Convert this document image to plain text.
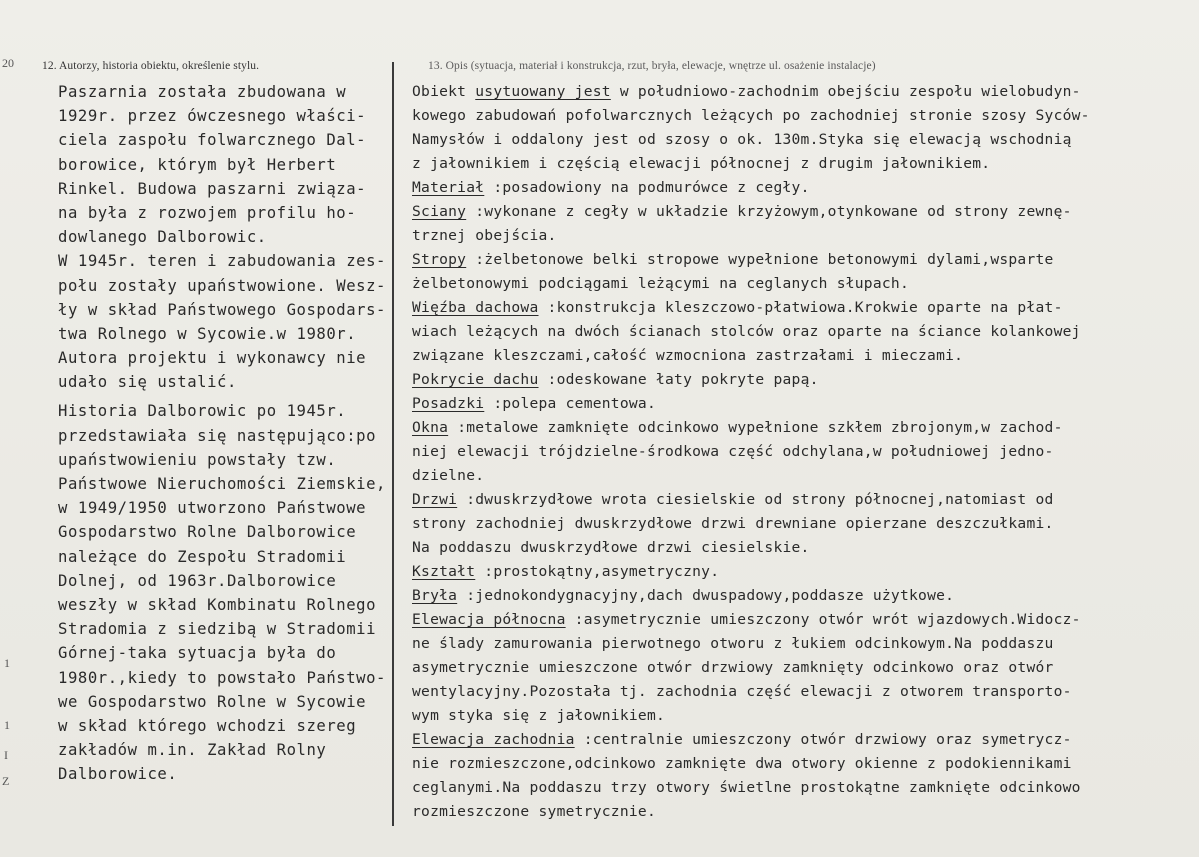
20
1
1
I
Z
12. Autorzy, historia obiektu, określenie stylu.	13. Opis (sytuacja, materiał i konstrukcja, rzut, bryła, elewacje, wnętrze ul. osażenie instalacje)
Paszarnia została zbudowana w
1929r. przez ówczesnego właści-
ciela zaspołu folwarcznego Dal-
borowice, którym był Herbert
Rinkel. Budowa paszarni związa-
na była z rozwojem profilu ho-
dowlanego Dalborowic.
W 1945r. teren i zabudowania zes-
połu zostały upaństwowione. Wesz-
ły w skład Państwowego Gospodars-
twa Rolnego w Sycowie.w 1980r.
Autora projektu i wykonawcy nie
udało się ustalić.
Historia Dalborowic po 1945r.
przedstawiała się następująco:po
upaństwowieniu powstały tzw.
Państwowe Nieruchomości Ziemskie,
w 1949/1950 utworzono Państwowe
Gospodarstwo Rolne Dalborowice
należące do Zespołu Stradomii
Dolnej, od 1963r.Dalborowice
weszły w skład Kombinatu Rolnego
Stradomia z siedzibą w Stradomii
Górnej-taka sytuacja była do
1980r.,kiedy to powstało Państwo-
we Gospodarstwo Rolne w Sycowie
w skład którego wchodzi szereg
zakładów m.in. Zakład Rolny
Dalborowice.
Obiekt usytuowany jest w południowo-zachodnim obejściu zespołu wielobudyn-
kowego zabudowań pofolwarcznych leżących po zachodniej stronie szosy Syców-
Namysłów i oddalony jest od szosy o ok. 130m.Styka się elewacją wschodnią
z jałownikiem i częścią elewacji północnej z drugim jałownikiem.
Materiał :posadowiony na podmurówce z cegły.
Sciany :wykonane z cegły w układzie krzyżowym,otynkowane od strony zewnę-
trznej obejścia.
Stropy :żelbetonowe belki stropowe wypełnione betonowymi dylami,wsparte
żelbetonowymi podciągami leżącymi na ceglanych słupach.
Więźba dachowa :konstrukcja kleszczowo-płatwiowa.Krokwie oparte na płat-
wiach leżących na dwóch ścianach stolców oraz oparte na ściance kolankowej
związane kleszczami,całość wzmocniona zastrzałami i mieczami.
Pokrycie dachu :odeskowane łaty pokryte papą.
Posadzki :polepa cementowa.
Okna :metalowe zamknięte odcinkowo wypełnione szkłem zbrojonym,w zachod-
niej elewacji trójdzielne-środkowa część odchylana,w południowej jedno-
dzielne.
Drzwi :dwuskrzydłowe wrota ciesielskie od strony północnej,natomiast od
strony zachodniej dwuskrzydłowe drzwi drewniane opierzane deszczułkami.
Na poddaszu dwuskrzydłowe drzwi ciesielskie.
Kształt :prostokątny,asymetryczny.
Bryła :jednokondygnacyjny,dach dwuspadowy,poddasze użytkowe.
Elewacja północna :asymetrycznie umieszczony otwór wrót wjazdowych.Widocz-
ne ślady zamurowania pierwotnego otworu z łukiem odcinkowym.Na poddaszu
asymetrycznie umieszczone otwór drzwiowy zamknięty odcinkowo oraz otwór
wentylacyjny.Pozostała tj. zachodnia część elewacji z otworem transporto-
wym styka się z jałownikiem.
Elewacja zachodnia :centralnie umieszczony otwór drzwiowy oraz symetrycz-
nie rozmieszczone,odcinkowo zamknięte dwa otwory okienne z podokiennikami
ceglanymi.Na poddaszu trzy otwory świetlne prostokątne zamknięte odcinkowo
rozmieszczone symetrycznie.
